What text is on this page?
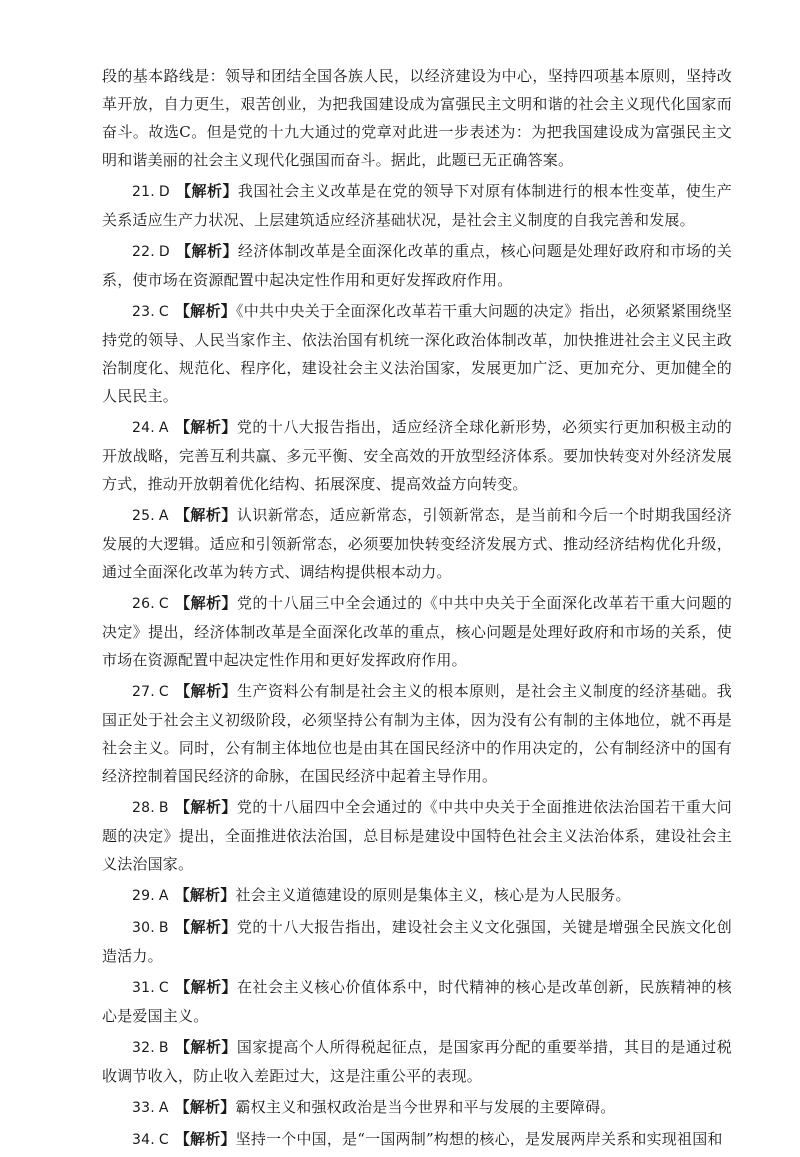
段的基本路线是：领导和团结全国各族人民，以经济建设为中心，坚持四项基本原则，坚持改革开放，自力更生，艰苦创业，为把我国建设成为富强民主文明和谐的社会主义现代化国家而奋斗。故选C。但是党的十九大通过的党章对此进一步表述为：为把我国建设成为富强民主文明和谐美丽的社会主义现代化强国而奋斗。据此，此题已无正确答案。

21. D 【解析】我国社会主义改革是在党的领导下对原有体制进行的根本性变革，使生产关系适应生产力状况、上层建筑适应经济基础状况，是社会主义制度的自我完善和发展。

22. D 【解析】经济体制改革是全面深化改革的重点，核心问题是处理好政府和市场的关系，使市场在资源配置中起决定性作用和更好发挥政府作用。

23. C 【解析】《中共中央关于全面深化改革若干重大问题的决定》指出，必须紧紧围绕坚持党的领导、人民当家作主、依法治国有机统一深化政治体制改革，加快推进社会主义民主政治制度化、规范化、程序化，建设社会主义法治国家，发展更加广泛、更加充分、更加健全的人民民主。

24. A 【解析】党的十八大报告指出，适应经济全球化新形势，必须实行更加积极主动的开放战略，完善互利共赢、多元平衡、安全高效的开放型经济体系。要加快转变对外经济发展方式，推动开放朝着优化结构、拓展深度、提高效益方向转变。

25. A 【解析】认识新常态，适应新常态，引领新常态，是当前和今后一个时期我国经济发展的大逻辑。适应和引领新常态，必须要加快转变经济发展方式、推动经济结构优化升级，通过全面深化改革为转方式、调结构提供根本动力。

26. C 【解析】党的十八届三中全会通过的《中共中央关于全面深化改革若干重大问题的决定》提出，经济体制改革是全面深化改革的重点，核心问题是处理好政府和市场的关系，使市场在资源配置中起决定性作用和更好发挥政府作用。

27. C 【解析】生产资料公有制是社会主义的根本原则，是社会主义制度的经济基础。我国正处于社会主义初级阶段，必须坚持公有制为主体，因为没有公有制的主体地位，就不再是社会主义。同时，公有制主体地位也是由其在国民经济中的作用决定的，公有制经济中的国有经济控制着国民经济的命脉，在国民经济中起着主导作用。

28. B 【解析】党的十八届四中全会通过的《中共中央关于全面推进依法治国若干重大问题的决定》提出，全面推进依法治国，总目标是建设中国特色社会主义法治体系，建设社会主义法治国家。

29. A 【解析】社会主义道德建设的原则是集体主义，核心是为人民服务。

30. B 【解析】党的十八大报告指出，建设社会主义文化强国，关键是增强全民族文化创造活力。

31. C 【解析】在社会主义核心价值体系中，时代精神的核心是改革创新，民族精神的核心是爱国主义。

32. B 【解析】国家提高个人所得税起征点，是国家再分配的重要举措，其目的是通过税收调节收入，防止收入差距过大，这是注重公平的表现。

33. A 【解析】霸权主义和强权政治是当今世界和平与发展的主要障碍。

34. C 【解析】坚持一个中国，是“一国两制”构想的核心，是发展两岸关系和实现祖国和
